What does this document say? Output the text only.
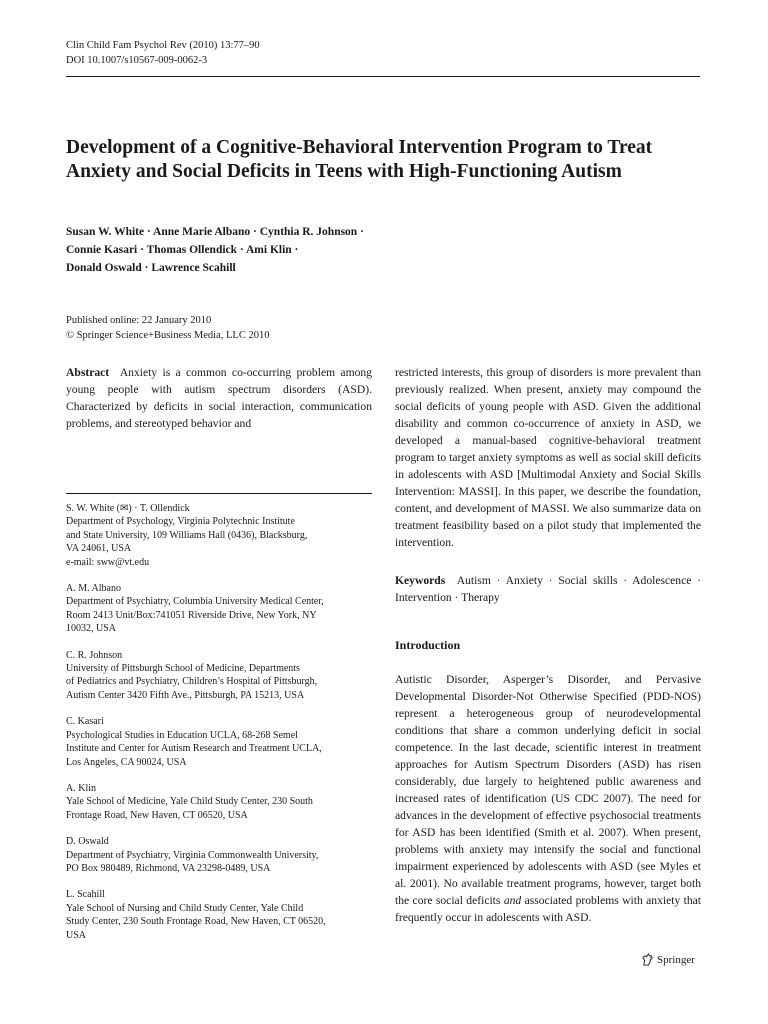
Clin Child Fam Psychol Rev (2010) 13:77–90
DOI 10.1007/s10567-009-0062-3
Development of a Cognitive-Behavioral Intervention Program to Treat Anxiety and Social Deficits in Teens with High-Functioning Autism
Susan W. White · Anne Marie Albano · Cynthia R. Johnson ·
Connie Kasari · Thomas Ollendick · Ami Klin ·
Donald Oswald · Lawrence Scahill
Published online: 22 January 2010
© Springer Science+Business Media, LLC 2010

Abstract Anxiety is a common co-occurring problem among young people with autism spectrum disorders (ASD). Characterized by deficits in social interaction, communication problems, and stereotyped behavior and

S. W. White (✉) · T. Ollendick
Department of Psychology, Virginia Polytechnic Institute
and State University, 109 Williams Hall (0436), Blacksburg,
VA 24061, USA
e-mail: sww@vt.edu
A. M. Albano
Department of Psychiatry, Columbia University Medical Center,
Room 2413 Unit/Box:741051 Riverside Drive, New York, NY
10032, USA
C. R. Johnson
University of Pittsburgh School of Medicine, Departments
of Pediatrics and Psychiatry, Children’s Hospital of Pittsburgh,
Autism Center 3420 Fifth Ave., Pittsburgh, PA 15213, USA
C. Kasari
Psychological Studies in Education UCLA, 68-268 Semel
Institute and Center for Autism Research and Treatment UCLA,
Los Angeles, CA 90024, USA
A. Klin
Yale School of Medicine, Yale Child Study Center, 230 South
Frontage Road, New Haven, CT 06520, USA
D. Oswald
Department of Psychiatry, Virginia Commonwealth University,
PO Box 980489, Richmond, VA 23298-0489, USA
L. Scahill
Yale School of Nursing and Child Study Center, Yale Child
Study Center, 230 South Frontage Road, New Haven, CT 06520,
USA

restricted interests, this group of disorders is more prevalent than previously realized. When present, anxiety may compound the social deficits of young people with ASD. Given the additional disability and common co-occurrence of anxiety in ASD, we developed a manual-based cognitive-behavioral treatment program to target anxiety symptoms as well as social skill deficits in adolescents with ASD [Multimodal Anxiety and Social Skills Intervention: MASSI]. In this paper, we describe the foundation, content, and development of MASSI. We also summarize data on treatment feasibility based on a pilot study that implemented the intervention.

Keywords Autism · Anxiety · Social skills · Adolescence · Intervention · Therapy

Introduction

Autistic Disorder, Asperger’s Disorder, and Pervasive Developmental Disorder-Not Otherwise Specified (PDD-NOS) represent a heterogeneous group of neurodevelopmental conditions that share a common underlying deficit in social competence. In the last decade, scientific interest in treatment approaches for Autism Spectrum Disorders (ASD) has risen considerably, due largely to heightened public awareness and increased rates of identification (US CDC 2007). The need for advances in the development of effective psychosocial treatments for ASD has been identified (Smith et al. 2007). When present, problems with anxiety may intensify the social and functional impairment experienced by adolescents with ASD (see Myles et al. 2001). No available treatment programs, however, target both the core social deficits and associated problems with anxiety that frequently occur in adolescents with ASD.

Springer
